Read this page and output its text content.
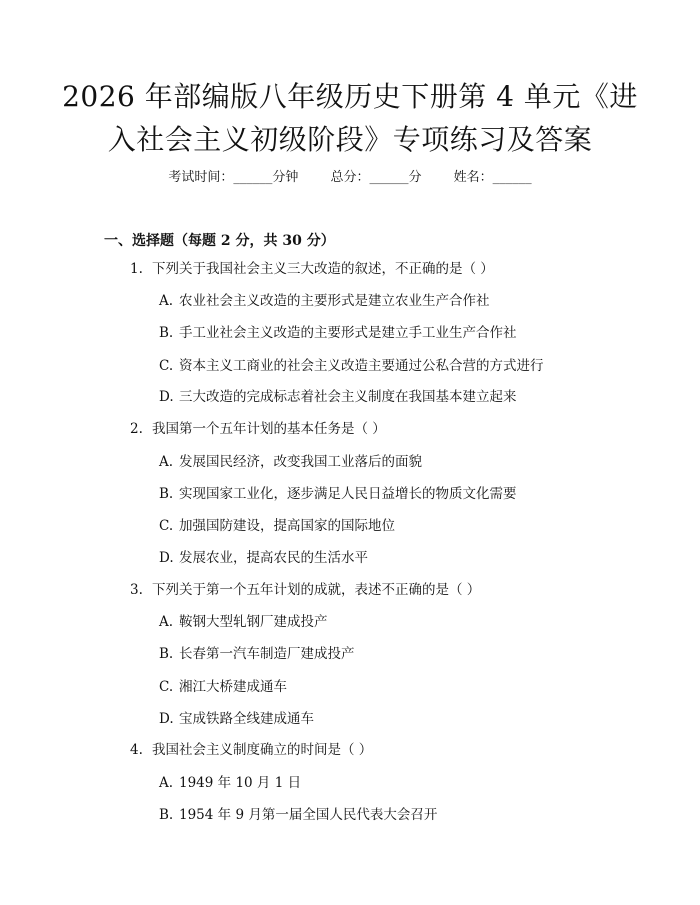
2026 年部编版八年级历史下册第 4 单元《进
入社会主义初级阶段》专项练习及答案
考试时间：______分钟 总分：______分 姓名：______
一、选择题（每题 2 分，共 30 分）
1. 下列关于我国社会主义三大改造的叙述，不正确的是（ ）
A. 农业社会主义改造的主要形式是建立农业生产合作社
B. 手工业社会主义改造的主要形式是建立手工业生产合作社
C. 资本主义工商业的社会主义改造主要通过公私合营的方式进行
D. 三大改造的完成标志着社会主义制度在我国基本建立起来
2. 我国第一个五年计划的基本任务是（ ）
A. 发展国民经济，改变我国工业落后的面貌
B. 实现国家工业化，逐步满足人民日益增长的物质文化需要
C. 加强国防建设，提高国家的国际地位
D. 发展农业，提高农民的生活水平
3. 下列关于第一个五年计划的成就，表述不正确的是（ ）
A. 鞍钢大型轧钢厂建成投产
B. 长春第一汽车制造厂建成投产
C. 湘江大桥建成通车
D. 宝成铁路全线建成通车
4. 我国社会主义制度确立的时间是（ ）
A. 1949 年 10 月 1 日
B. 1954 年 9 月第一届全国人民代表大会召开
